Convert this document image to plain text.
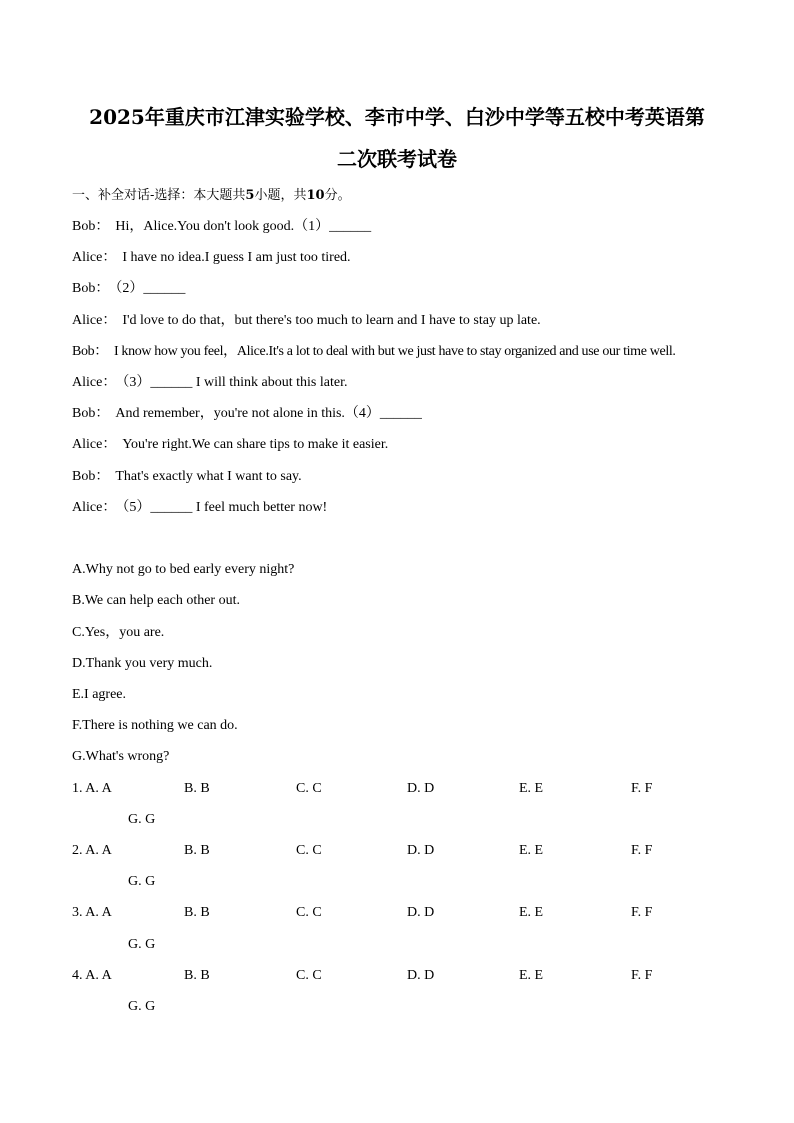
2025年重庆市江津实验学校、李市中学、白沙中学等五校中考英语第
二次联考试卷
一、补全对话-选择：本大题共5小题，共10分。
Bob： Hi，Alice.You don't look good.（1）______
Alice： I have no idea.I guess I am just too tired.
Bob： （2）______
Alice： I'd love to do that，but there's too much to learn and I have to stay up late.
Bob： I know how you feel，Alice.It's a lot to deal with but we just have to stay organized and use our time well.
Alice： （3）______ I will think about this later.
Bob： And remember，you're not alone in this.（4）______
Alice： You're right.We can share tips to make it easier.
Bob： That's exactly what I want to say.
Alice： （5）______ I feel much better now!
A.Why not go to bed early every night?
B.We can help each other out.
C.Yes，you are.
D.Thank you very much.
E.I agree.
F.There is nothing we can do.
G.What's wrong?
1. A. A	B. B	C. C	D. D	E. E	F. F
G. G
2. A. A	B. B	C. C	D. D	E. E	F. F
G. G
3. A. A	B. B	C. C	D. D	E. E	F. F
G. G
4. A. A	B. B	C. C	D. D	E. E	F. F
G. G
